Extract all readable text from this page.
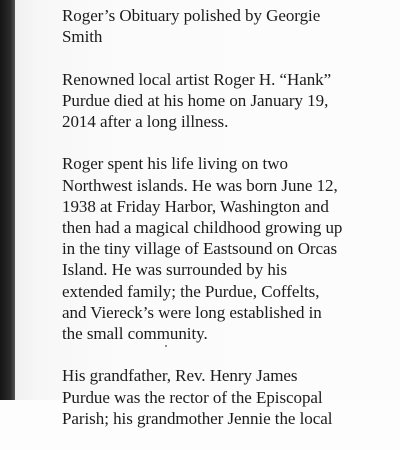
Roger’s Obituary polished by Georgie
Smith
Renowned local artist Roger H. “Hank”
Purdue died at his home on January 19,
2014 after a long illness.
Roger spent his life living on two
Northwest islands. He was born June 12,
1938 at Friday Harbor, Washington and
then had a magical childhood growing up
in the tiny village of Eastsound on Orcas
Island. He was surrounded by his
extended family; the Purdue, Coffelts,
and Viereck’s were long established in
the small community.
His grandfather, Rev. Henry James
Purdue was the rector of the Episcopal
Parish; his grandmother Jennie the local
